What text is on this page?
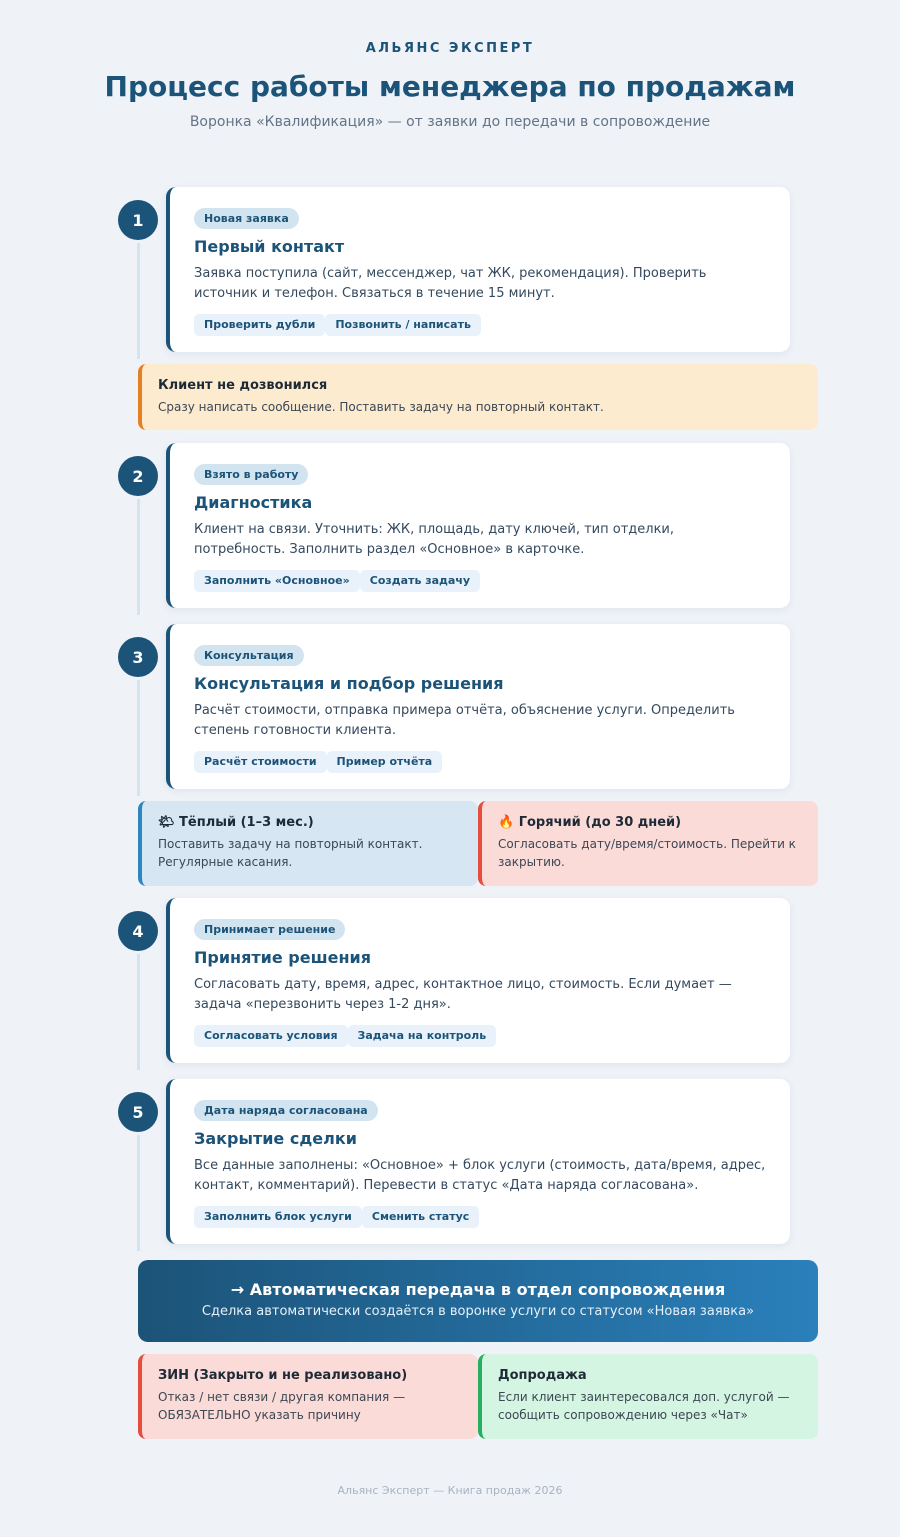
АЛЬЯНС ЭКСПЕРТ
Процесс работы менеджера по продажам
Воронка «Квалификация» — от заявки до передачи в сопровождение
1	Новая заявка
Первый контакт
Заявка поступила (сайт, мессенджер, чат ЖК, рекомендация). Проверить источник и телефон. Связаться в течение 15 минут.
Проверить дубли	Позвонить / написать
Клиент не дозвонился
Сразу написать сообщение. Поставить задачу на повторный контакт.
2	Взято в работу
Диагностика
Клиент на связи. Уточнить: ЖК, площадь, дату ключей, тип отделки, потребность. Заполнить раздел «Основное» в карточке.
Заполнить «Основное»	Создать задачу
3	Консультация
Консультация и подбор решения
Расчёт стоимости, отправка примера отчёта, объяснение услуги. Определить степень готовности клиента.
Расчёт стоимости	Пример отчёта
🌤 Тёплый (1–3 мес.)
Поставить задачу на повторный контакт. Регулярные касания.
🔥 Горячий (до 30 дней)
Согласовать дату/время/стоимость. Перейти к закрытию.
4	Принимает решение
Принятие решения
Согласовать дату, время, адрес, контактное лицо, стоимость. Если думает — задача «перезвонить через 1-2 дня».
Согласовать условия	Задача на контроль
5	Дата наряда согласована
Закрытие сделки
Все данные заполнены: «Основное» + блок услуги (стоимость, дата/время, адрес, контакт, комментарий). Перевести в статус «Дата наряда согласована».
Заполнить блок услуги	Сменить статус
→ Автоматическая передача в отдел сопровождения
Сделка автоматически создаётся в воронке услуги со статусом «Новая заявка»
ЗИН (Закрыто и не реализовано)
Отказ / нет связи / другая компания — ОБЯЗАТЕЛЬНО указать причину
Допродажа
Если клиент заинтересовался доп. услугой — сообщить сопровождению через «Чат»
Альянс Эксперт — Книга продаж 2026
